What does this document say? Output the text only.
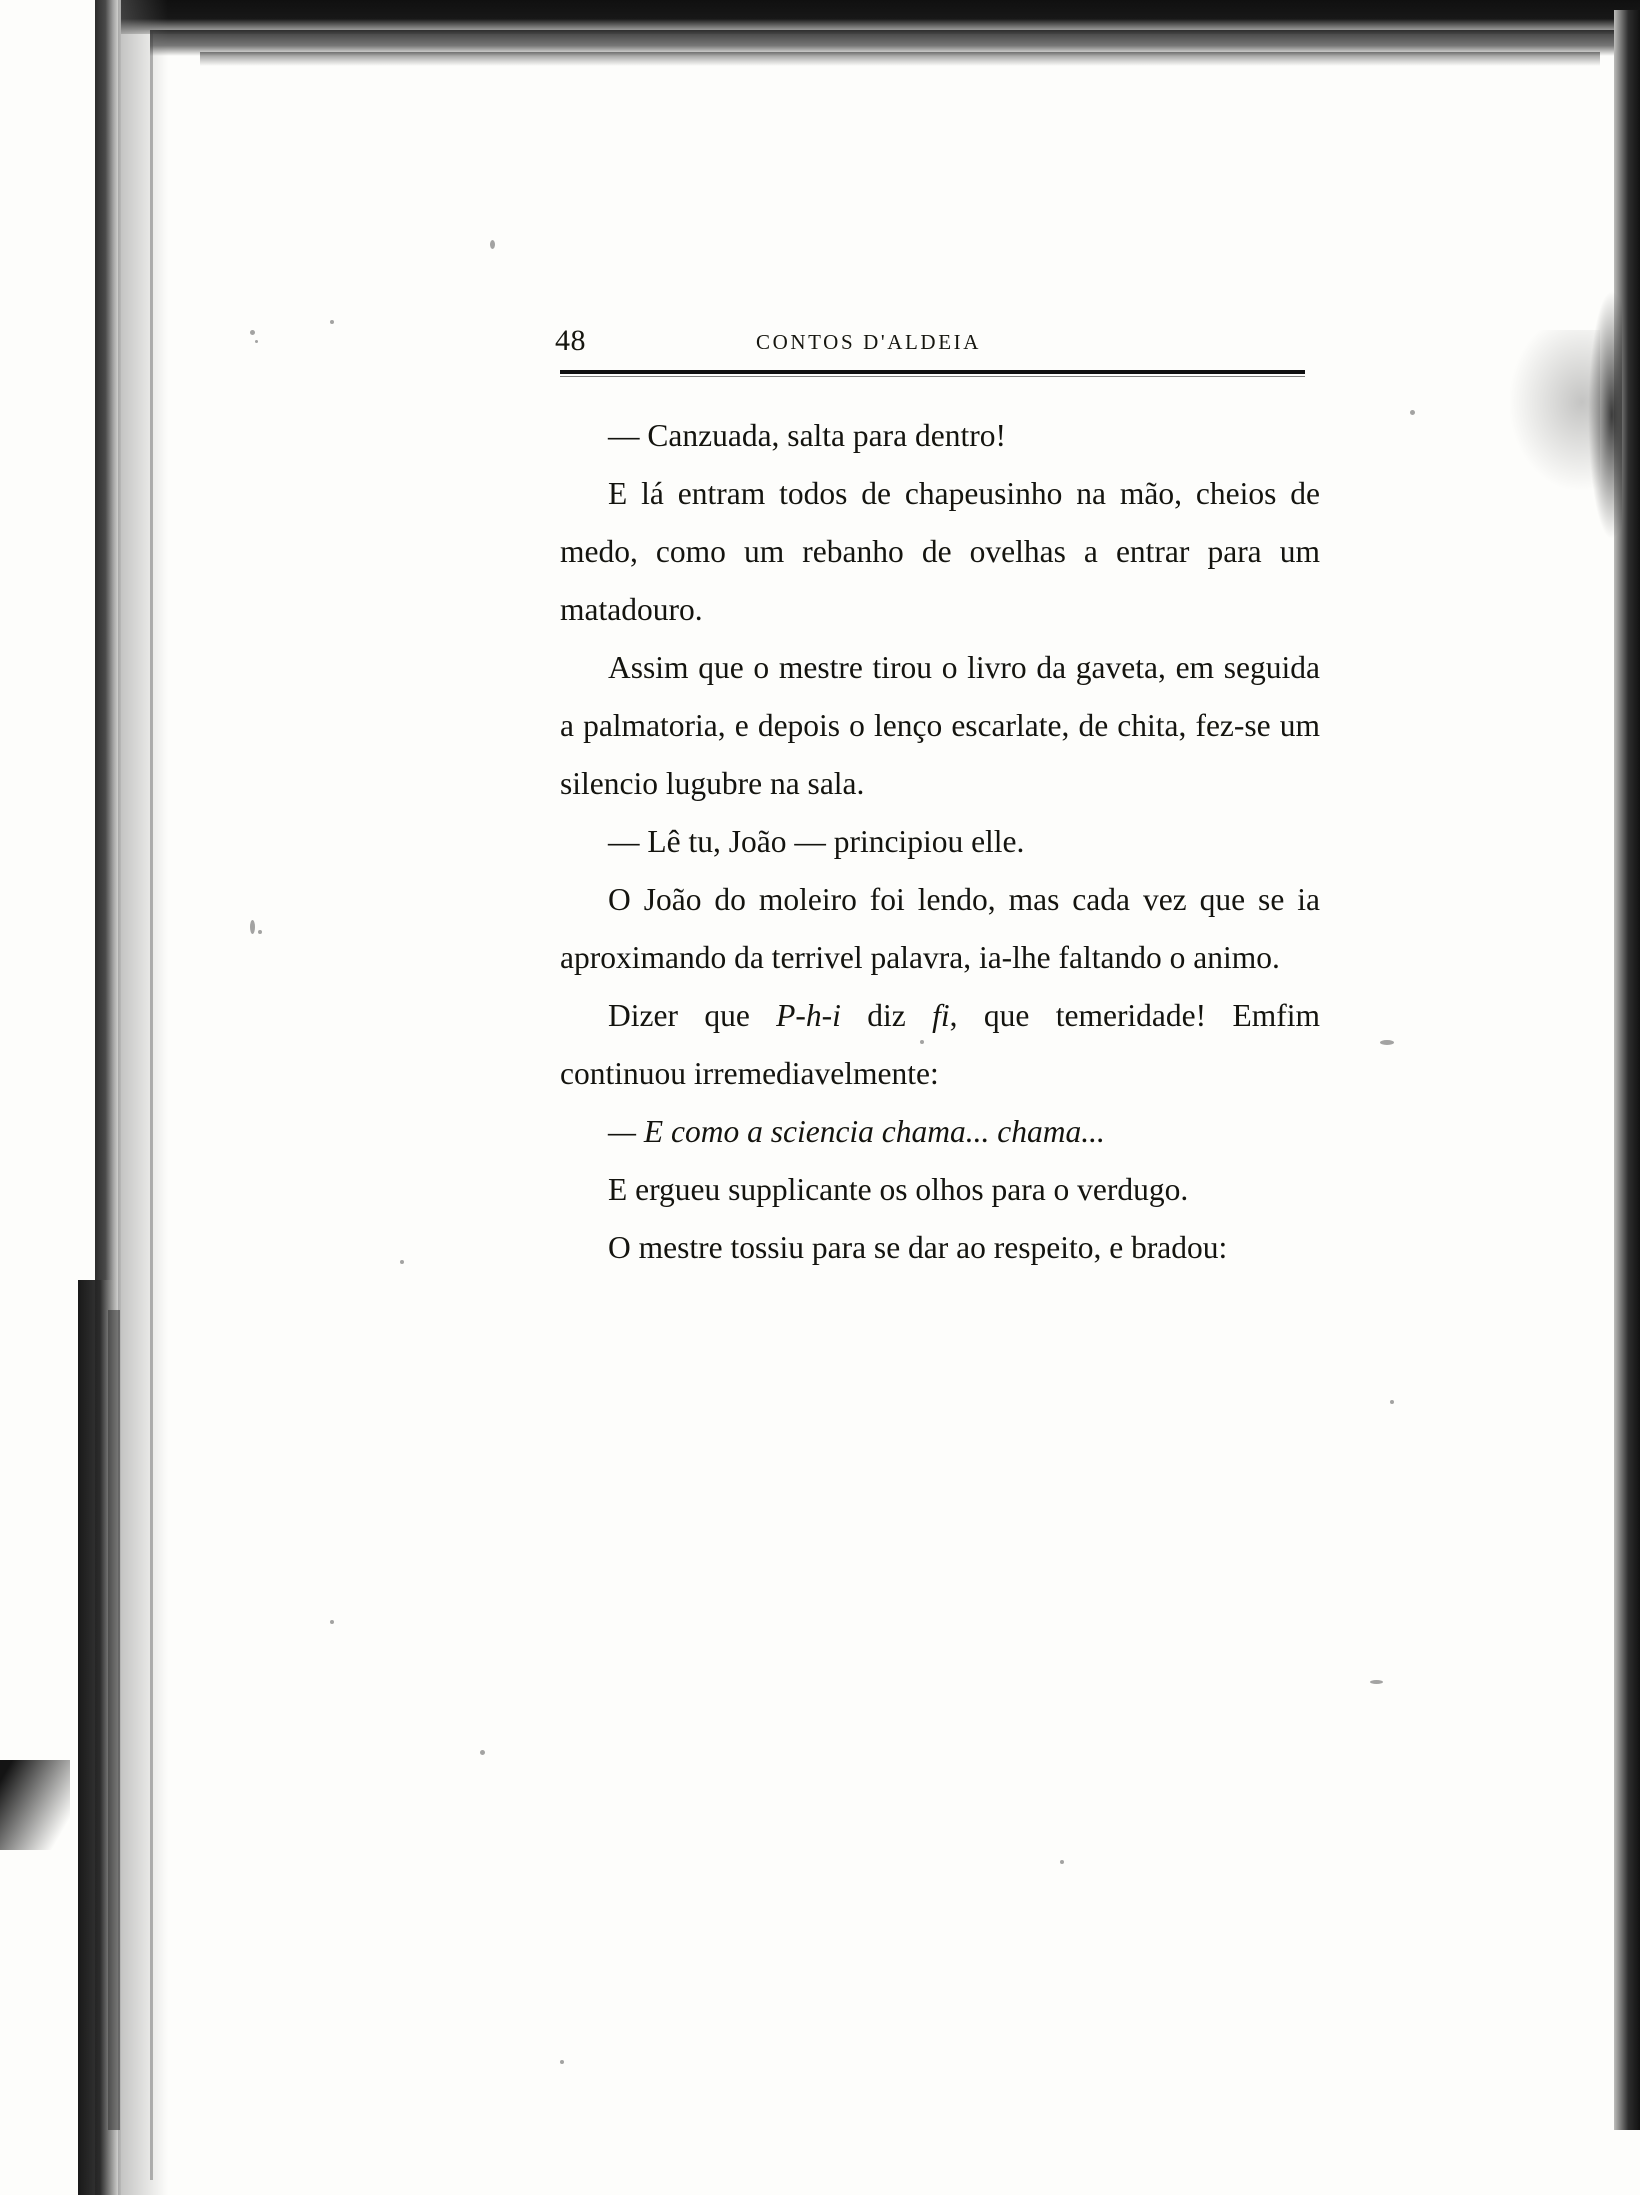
48	CONTOS D'ALDEIA

— Canzuada, salta para dentro!

E lá entram todos de chapeusinho na mão, cheios de medo, como um rebanho de ovelhas a entrar para um matadouro.

Assim que o mestre tirou o livro da gaveta, em seguida a palmatoria, e depois o lenço escarlate, de chita, fez-se um silencio lugubre na sala.

— Lê tu, João — principiou elle.

O João do moleiro foi lendo, mas cada vez que se ia aproximando da terrivel palavra, ia-lhe faltando o animo.

Dizer que P-h-i diz fi, que temeridade! Emfim continuou irremediavelmente:

— E como a sciencia chama... chama...

E ergueu supplicante os olhos para o verdugo.

O mestre tossiu para se dar ao respeito, e bradou:
